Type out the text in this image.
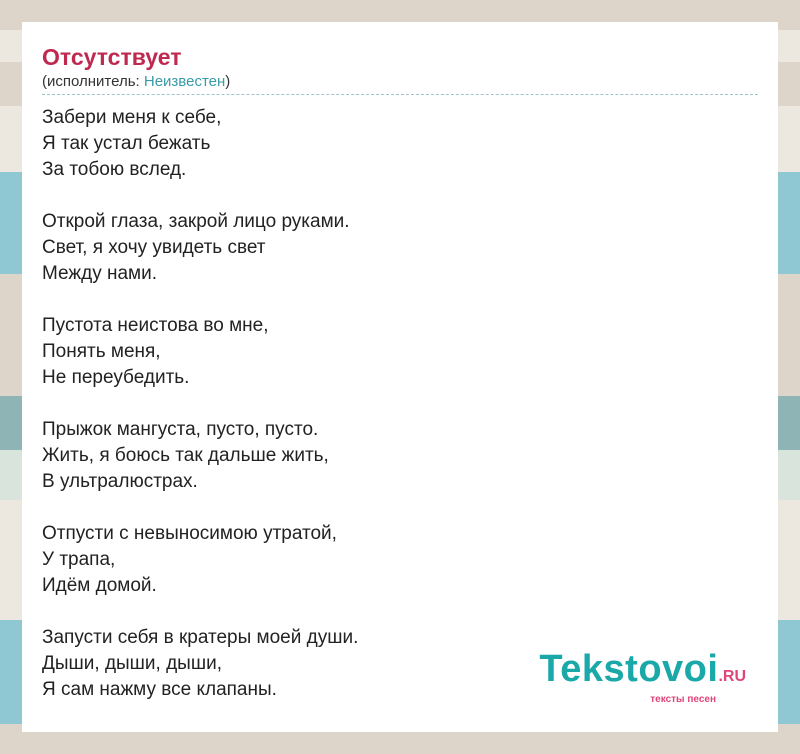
Отсутствует
(исполнитель: Неизвестен)
Забери меня к себе,
Я так устал бежать
За тобою вслед.
Открой глаза, закрой лицо руками.
Свет, я хочу увидеть свет
Между нами.
Пустота неистова во мне,
Понять меня,
Не переубедить.
Прыжок мангуста, пусто, пусто.
Жить, я боюсь так дальше жить,
В ультралюстрах.
Отпусти с невыносимою утратой,
У трапа,
Идём домой.
Запусти себя в кратеры моей души.
Дыши, дыши, дыши,
Я сам нажму все клапаны.	Tekstovoi.RU
тексты песен
